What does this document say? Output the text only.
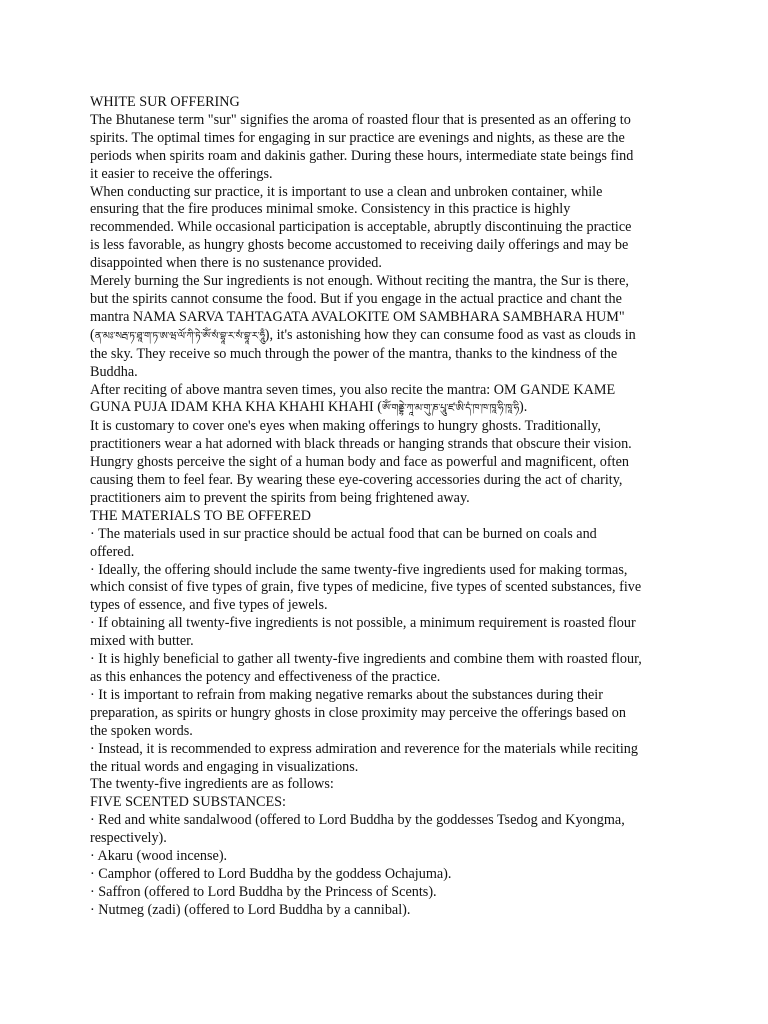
WHITE SUR OFFERING
The Bhutanese term "sur" signifies the aroma of roasted flour that is presented as an offering to
spirits. The optimal times for engaging in sur practice are evenings and nights, as these are the
periods when spirits roam and dakinis gather. During these hours, intermediate state beings find
it easier to receive the offerings.
When conducting sur practice, it is important to use a clean and unbroken container, while
ensuring that the fire produces minimal smoke. Consistency in this practice is highly
recommended. While occasional participation is acceptable, abruptly discontinuing the practice
is less favorable, as hungry ghosts become accustomed to receiving daily offerings and may be
disappointed when there is no sustenance provided.
Merely burning the Sur ingredients is not enough. Without reciting the mantra, the Sur is there,
but the spirits cannot consume the food. But if you engage in the actual practice and chant the
mantra NAMA SARVA TAHTAGATA AVALOKITE OM SAMBHARA SAMBHARA HUM"
(ན་མཿ་སརྦ་ཏ་ཐཱ་ག་ཏ་ཨ་ཝ་ལོ་ཀི་ཏེ་ཨོཾ་སཾ་བྷཱ་ར་སཾ་བྷཱ་ར་ཧཱུྃ), it's astonishing how they can consume food as vast as clouds in
the sky. They receive so much through the power of the mantra, thanks to the kindness of the
Buddha.
After reciting of above mantra seven times, you also recite the mantra: OM GANDE KAME
GUNA PUJA IDAM KHA KHA KHAHI KHAHI (ཨོཾ་གནྡྷེ་ཀཱ་མ་གུ་ཎ་པཱུ་ཛ་ཨི་དཾ་ཁ་ཁ་ཁཱ་ཧི་ཁཱ་ཧི).
It is customary to cover one's eyes when making offerings to hungry ghosts. Traditionally,
practitioners wear a hat adorned with black threads or hanging strands that obscure their vision.
Hungry ghosts perceive the sight of a human body and face as powerful and magnificent, often
causing them to feel fear. By wearing these eye-covering accessories during the act of charity,
practitioners aim to prevent the spirits from being frightened away.
THE MATERIALS TO BE OFFERED
· The materials used in sur practice should be actual food that can be burned on coals and
offered.
· Ideally, the offering should include the same twenty-five ingredients used for making tormas,
which consist of five types of grain, five types of medicine, five types of scented substances, five
types of essence, and five types of jewels.
· If obtaining all twenty-five ingredients is not possible, a minimum requirement is roasted flour
mixed with butter.
· It is highly beneficial to gather all twenty-five ingredients and combine them with roasted flour,
as this enhances the potency and effectiveness of the practice.
· It is important to refrain from making negative remarks about the substances during their
preparation, as spirits or hungry ghosts in close proximity may perceive the offerings based on
the spoken words.
· Instead, it is recommended to express admiration and reverence for the materials while reciting
the ritual words and engaging in visualizations.
The twenty-five ingredients are as follows:
FIVE SCENTED SUBSTANCES:
· Red and white sandalwood (offered to Lord Buddha by the goddesses Tsedog and Kyongma,
respectively).
· Akaru (wood incense).
· Camphor (offered to Lord Buddha by the goddess Ochajuma).
· Saffron (offered to Lord Buddha by the Princess of Scents).
· Nutmeg (zadi) (offered to Lord Buddha by a cannibal).
